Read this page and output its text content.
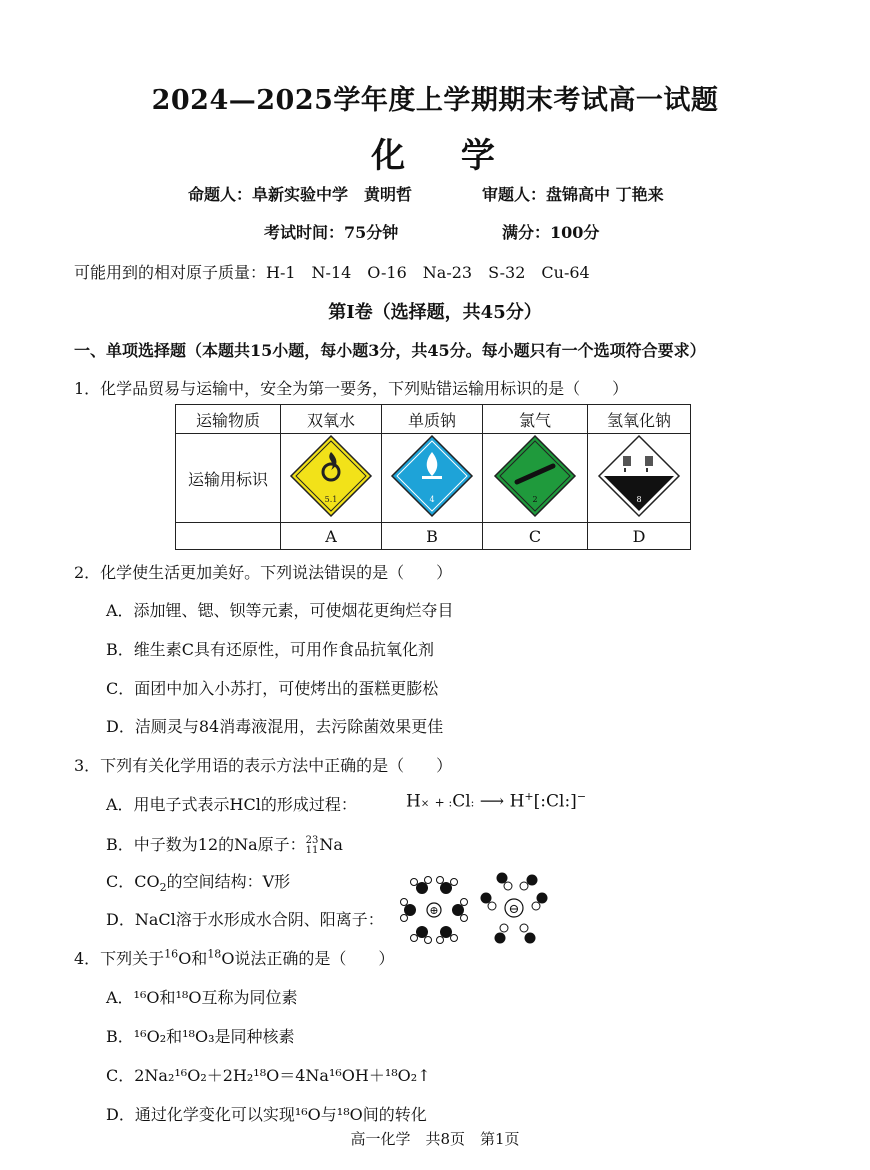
2024—2025学年度上学期期末考试高一试题
化 学
命题人：阜新实验中学　黄明哲	审题人：盘锦高中 丁艳来
考试时间：75分钟	满分：100分
可能用到的相对原子质量：H-1　N-14　O-16　Na-23　S-32　Cu-64
第Ⅰ卷（选择题，共45分）
一、单项选择题（本题共15小题，每小题3分，共45分。每小题只有一个选项符合要求）
1．化学品贸易与运输中，安全为第一要务，下列贴错运输用标识的是（　　）
运输物质	双氧水	单质钠	氯气	氢氧化钠
运输用标识	5.1	4	2	8

	A	B	C	D
2．化学使生活更加美好。下列说法错误的是（　　）
A．添加锂、锶、钡等元素，可使烟花更绚烂夺目
B．维生素C具有还原性，可用作食品抗氧化剂
C．面团中加入小苏打，可使烤出的蛋糕更膨松
D．洁厕灵与84消毒液混用，去污除菌效果更佳
3．下列有关化学用语的表示方法中正确的是（　　）
A．用电子式表示HCl的形成过程：	H× + :Cl: ⟶ H+[:Cl:]−
B．中子数为12的Na原子： 23
11 Na
C．$CO_2$的空间结构：V形
D．NaCl溶于水形成水合阴、阳离子：	⊕	⊖
4．下列关于$^{16}$O和$^{18}$O说法正确的是（　　）
A．¹⁶O和¹⁸O互称为同位素
B．¹⁶O₂和¹⁸O₃是同种核素
C．2Na₂¹⁶O₂＋2H₂¹⁸O＝4Na¹⁶OH＋¹⁸O₂↑
D．通过化学变化可以实现¹⁶O与¹⁸O间的转化
高一化学　共8页　第1页
